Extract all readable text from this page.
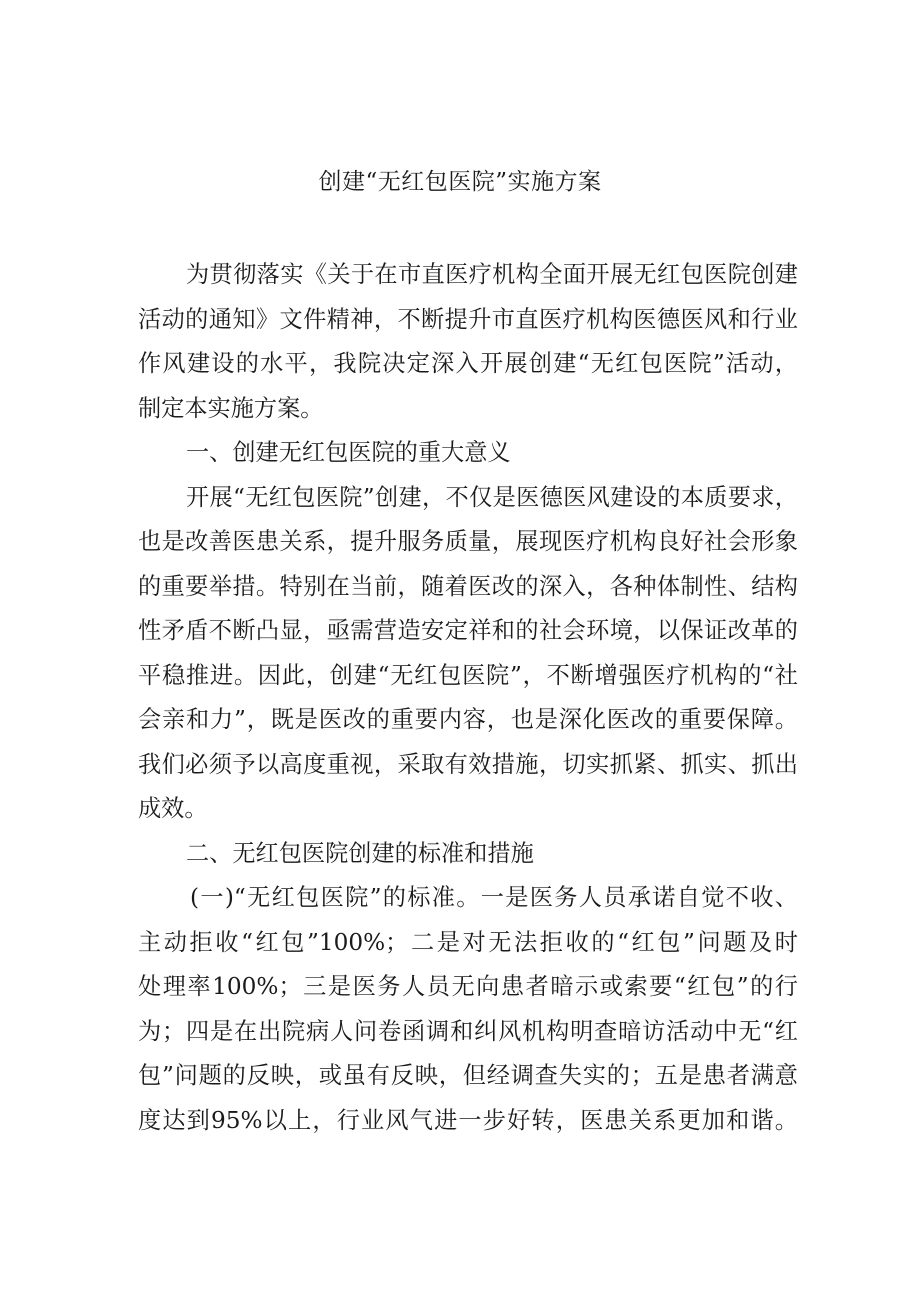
创建“无红包医院”实施方案
为贯彻落实《关于在市直医疗机构全面开展无红包医院创建
活动的通知》文件精神，不断提升市直医疗机构医德医风和行业
作风建设的水平，我院决定深入开展创建“无红包医院”活动，
制定本实施方案。
一、创建无红包医院的重大意义
开展“无红包医院”创建，不仅是医德医风建设的本质要求，
也是改善医患关系，提升服务质量，展现医疗机构良好社会形象
的重要举措。特别在当前，随着医改的深入，各种体制性、结构
性矛盾不断凸显，亟需营造安定祥和的社会环境，以保证改革的
平稳推进。因此，创建“无红包医院”，不断增强医疗机构的“社
会亲和力”，既是医改的重要内容，也是深化医改的重要保障。
我们必须予以高度重视，采取有效措施，切实抓紧、抓实、抓出
成效。
二、无红包医院创建的标准和措施
(一)“无红包医院”的标准。一是医务人员承诺自觉不收、
主动拒收“红包”100%；二是对无法拒收的“红包”问题及时
处理率100%；三是医务人员无向患者暗示或索要“红包”的行
为；四是在出院病人问卷函调和纠风机构明查暗访活动中无“红
包”问题的反映，或虽有反映，但经调查失实的；五是患者满意
度达到95%以上，行业风气进一步好转，医患关系更加和谐。
